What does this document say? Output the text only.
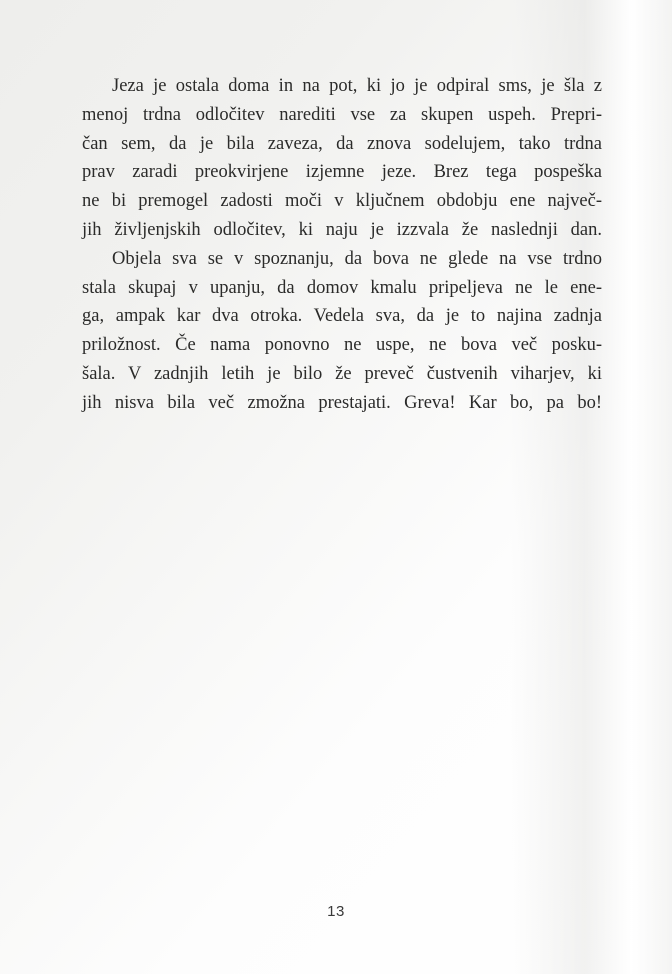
Jeza je ostala doma in na pot, ki jo je odpiral sms, je šla z
menoj trdna odločitev narediti vse za skupen uspeh. Prepri-
čan sem, da je bila zaveza, da znova sodelujem, tako trdna
prav zaradi preokvirjene izjemne jeze. Brez tega pospeška
ne bi premogel zadosti moči v ključnem obdobju ene največ-
jih življenjskih odločitev, ki naju je izzvala že naslednji dan.
Objela sva se v spoznanju, da bova ne glede na vse trdno
stala skupaj v upanju, da domov kmalu pripeljeva ne le ene-
ga, ampak kar dva otroka. Vedela sva, da je to najina zadnja
priložnost. Če nama ponovno ne uspe, ne bova več posku-
šala. V zadnjih letih je bilo že preveč čustvenih viharjev, ki
jih nisva bila več zmožna prestajati. Greva! Kar bo, pa bo!
13
